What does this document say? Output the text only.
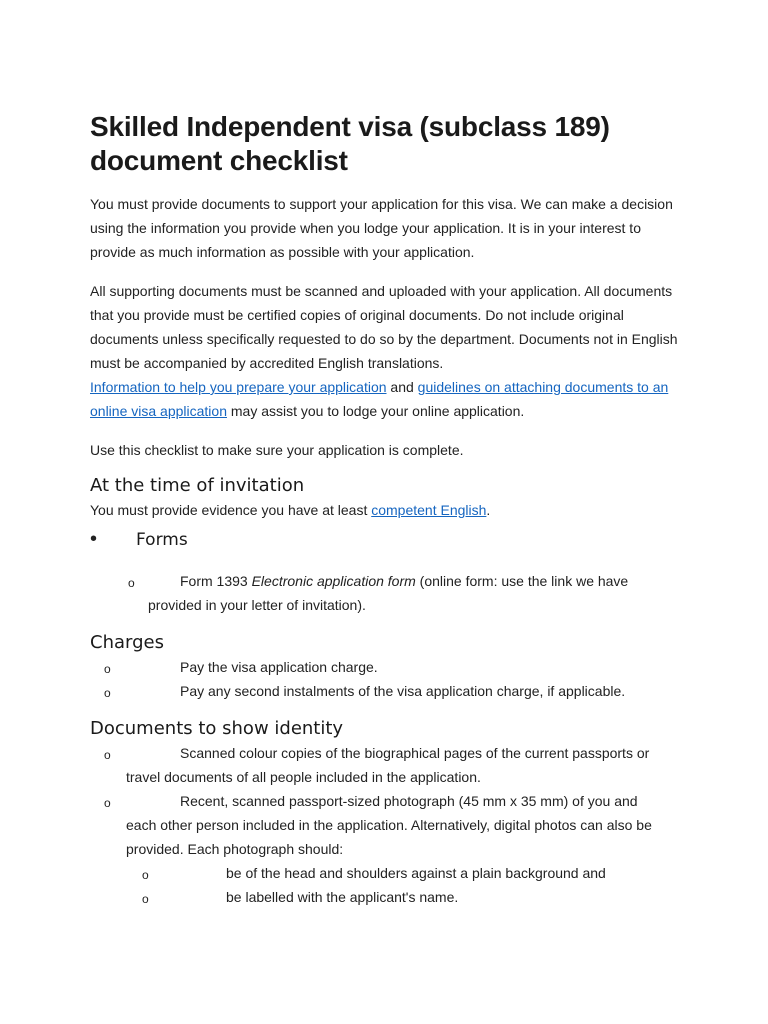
Skilled Independent visa (subclass 189) document checklist

You must provide documents to support your application for this visa. We can make a decision using the information you provide when you lodge your application. It is in your interest to provide as much information as possible with your application.

All supporting documents must be scanned and uploaded with your application. All documents that you provide must be certified copies of original documents. Do not include original documents unless specifically requested to do so by the department. Documents not in English must be accompanied by accredited English translations.
Information to help you prepare your application and guidelines on attaching documents to an online visa application may assist you to lodge your online application.

Use this checklist to make sure your application is complete.

At the time of invitation

You must provide evidence you have at least competent English.

• Forms
o	Form 1393 Electronic application form (online form: use the link we have
provided in your letter of invitation).
Charges
o	Pay the visa application charge.
o	Pay any second instalments of the visa application charge, if applicable.
Documents to show identity
o	Scanned colour copies of the biographical pages of the current passports or
travel documents of all people included in the application.
o	Recent, scanned passport-sized photograph (45 mm x 35 mm) of you and
each other person included in the application. Alternatively, digital photos can also be
provided. Each photograph should:
o	be of the head and shoulders against a plain background and
o	be labelled with the applicant's name.
